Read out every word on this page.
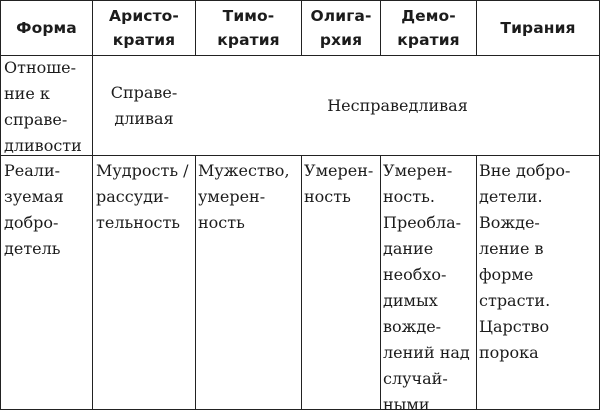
Форма
Аристо-
кратия
Тимо-
кратия
Олига-
рхия
Демо-
кратия
Тирания
Отноше-
ние к
справе-
дливости
Справе-
дливая
Несправедливая
Реали-
зуемая
добро-
детель
Мудрость /
рассуди-
тельность
Мужество,
умерен-
ность
Умерен-
ность
Умерен-
ность.
Преобла-
дание
необхо-
димых
вожде-
лений над
случай-
ными
Вне добро-
детели.
Вожде-
ление в
форме
страсти.
Царство
порока
